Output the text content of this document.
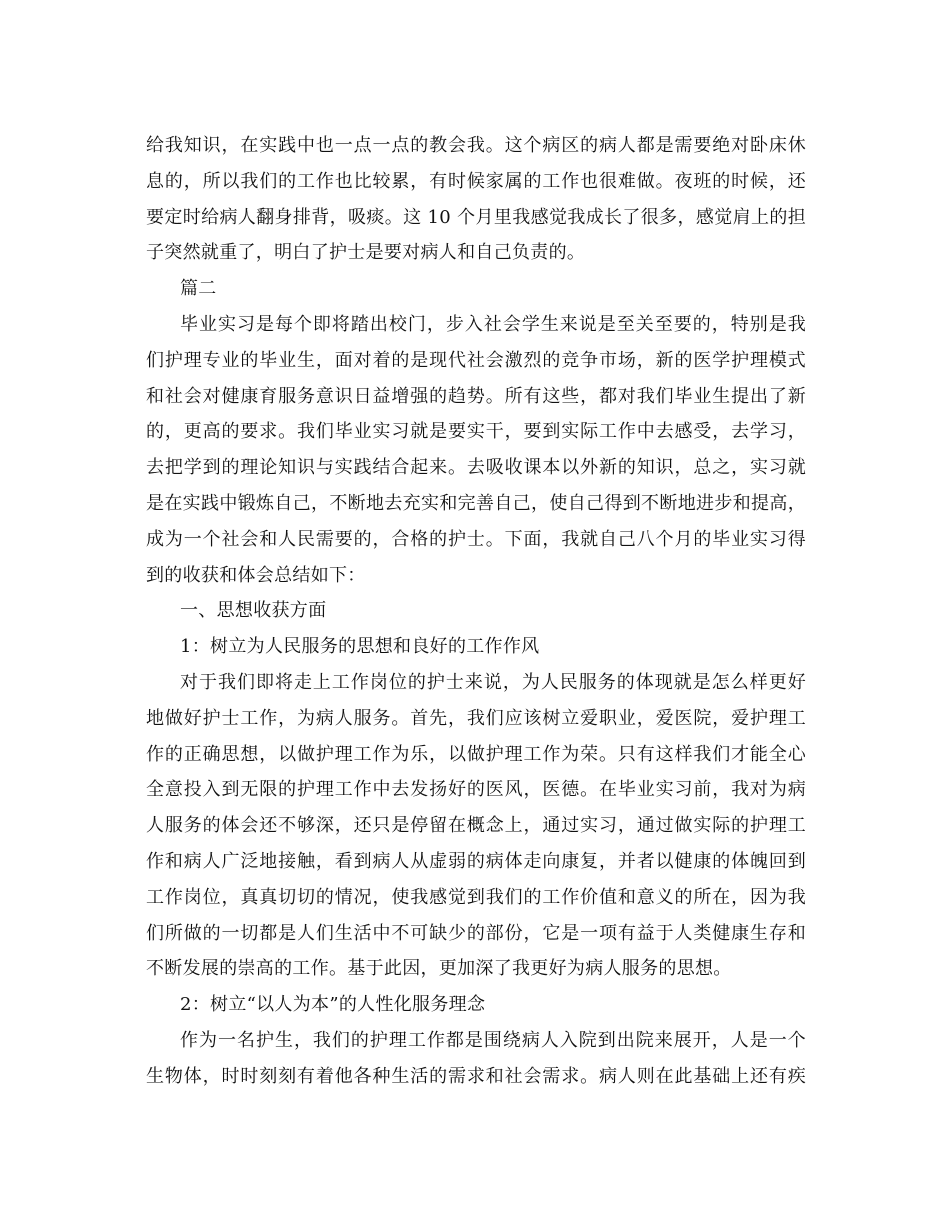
给我知识，在实践中也一点一点的教会我。这个病区的病人都是需要绝对卧床休
息的，所以我们的工作也比较累，有时候家属的工作也很难做。夜班的时候，还
要定时给病人翻身排背，吸痰。这 10 个月里我感觉我成长了很多，感觉肩上的担
子突然就重了，明白了护士是要对病人和自己负责的。
篇二
毕业实习是每个即将踏出校门，步入社会学生来说是至关至要的，特别是我
们护理专业的毕业生，面对着的是现代社会激烈的竞争市场，新的医学护理模式
和社会对健康育服务意识日益增强的趋势。所有这些，都对我们毕业生提出了新
的，更高的要求。我们毕业实习就是要实干，要到实际工作中去感受，去学习，
去把学到的理论知识与实践结合起来。去吸收课本以外新的知识，总之，实习就
是在实践中锻炼自己，不断地去充实和完善自己，使自己得到不断地进步和提高，
成为一个社会和人民需要的，合格的护士。下面，我就自己八个月的毕业实习得
到的收获和体会总结如下：
一、思想收获方面
1：树立为人民服务的思想和良好的工作作风
对于我们即将走上工作岗位的护士来说，为人民服务的体现就是怎么样更好
地做好护士工作，为病人服务。首先，我们应该树立爱职业，爱医院，爱护理工
作的正确思想，以做护理工作为乐，以做护理工作为荣。只有这样我们才能全心
全意投入到无限的护理工作中去发扬好的医风，医德。在毕业实习前，我对为病
人服务的体会还不够深，还只是停留在概念上，通过实习，通过做实际的护理工
作和病人广泛地接触，看到病人从虚弱的病体走向康复，并者以健康的体魄回到
工作岗位，真真切切的情况，使我感觉到我们的工作价值和意义的所在，因为我
们所做的一切都是人们生活中不可缺少的部份，它是一项有益于人类健康生存和
不断发展的崇高的工作。基于此因，更加深了我更好为病人服务的思想。
2：树立“以人为本”的人性化服务理念
作为一名护生，我们的护理工作都是围绕病人入院到出院来展开，人是一个
生物体，时时刻刻有着他各种生活的需求和社会需求。病人则在此基础上还有疾
